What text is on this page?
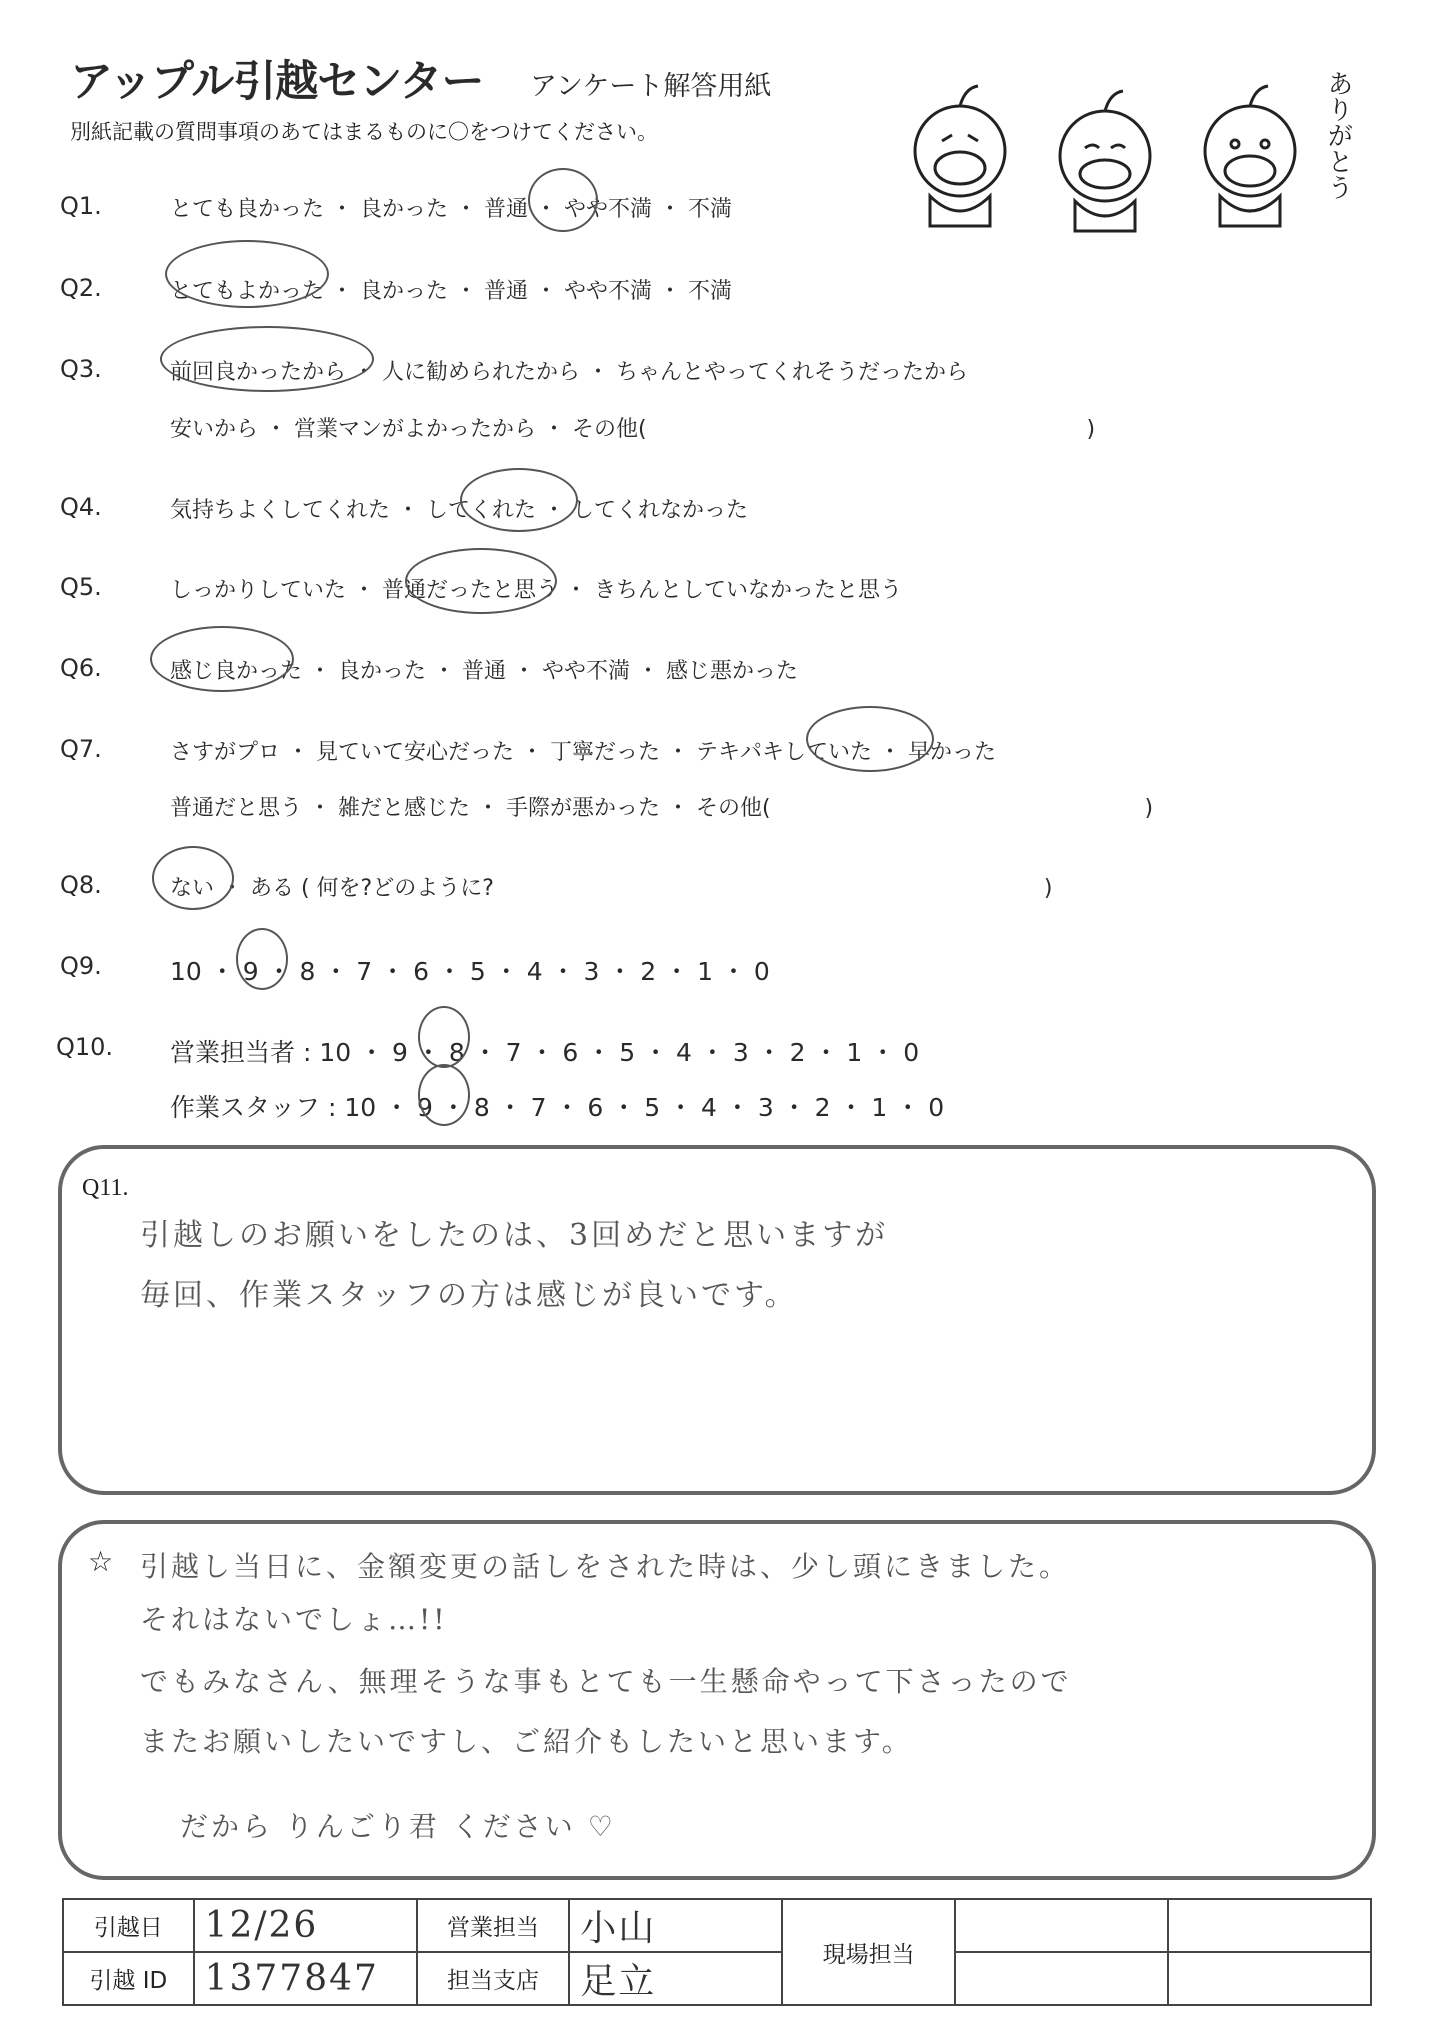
アップル引越センター アンケート解答用紙
別紙記載の質問事項のあてはまるものに〇をつけてください。	ありがとう
Q1.	とても良かった ・ 良かった ・ 普通 ・ やや不満 ・ 不満
Q2.	とてもよかった ・ 良かった ・ 普通 ・ やや不満 ・ 不満
Q3.	前回良かったから ・ 人に勧められたから ・ ちゃんとやってくれそうだったから
安いから ・ 営業マンがよかったから ・ その他(　　　　　　　　　　　　　　　　　　　　)
Q4.	気持ちよくしてくれた ・ してくれた ・ してくれなかった
Q5.	しっかりしていた ・ 普通だったと思う ・ きちんとしていなかったと思う
Q6.	感じ良かった ・ 良かった ・ 普通 ・ やや不満 ・ 感じ悪かった
Q7.	さすがプロ ・ 見ていて安心だった ・ 丁寧だった ・ テキパキしていた ・ 早かった
普通だと思う ・ 雑だと感じた ・ 手際が悪かった ・ その他(　　　　　　　　　　　　　　　　　)
Q8.	ない ・ ある ( 何を?どのように?　　　　　　　　　　　　　　　　　　　　　　　　　)
Q9.	10 ・ 9 ・ 8 ・ 7 ・ 6 ・ 5 ・ 4 ・ 3 ・ 2 ・ 1 ・ 0
Q10. 営業担当者 : 10 ・ 9 ・ 8 ・ 7 ・ 6 ・ 5 ・ 4 ・ 3 ・ 2 ・ 1 ・ 0
作業スタッフ : 10 ・ 9 ・ 8 ・ 7 ・ 6 ・ 5 ・ 4 ・ 3 ・ 2 ・ 1 ・ 0
Q11.
引越しのお願いをしたのは、3回めだと思いますが
毎回、作業スタッフの方は感じが良いです。
☆ 引越し当日に、金額変更の話しをされた時は、少し頭にきました。
それはないでしょ…!!
でもみなさん、無理そうな事もとても一生懸命やって下さったので
またお願いしたいですし、ご紹介もしたいと思います。
だから りんごり君 ください ♡
引越日	12/26	営業担当	小山	現場担当		
引越 ID	1377847	担当支店	足立			
